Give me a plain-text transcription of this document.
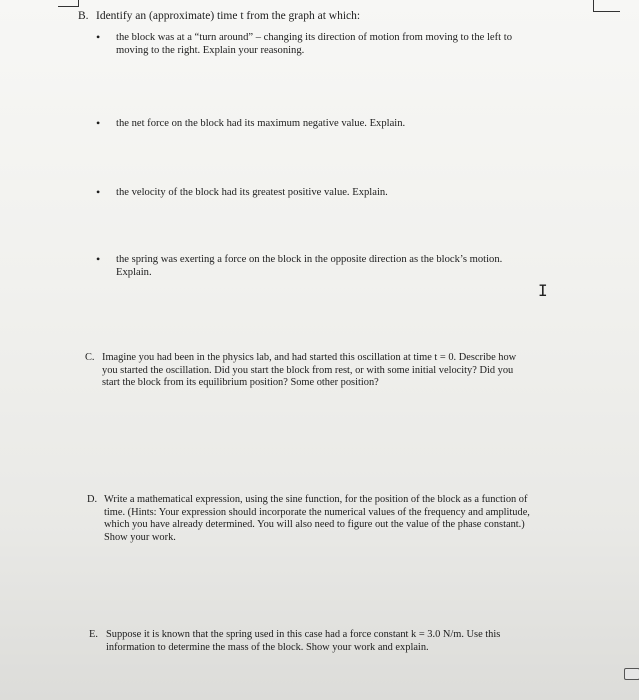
B. Identify an (approximate) time t from the graph at which:
• the block was at a “turn around” – changing its direction of motion from moving to the left to
moving to the right. Explain your reasoning.
• the net force on the block had its maximum negative value. Explain.
• the velocity of the block had its greatest positive value. Explain.
• the spring was exerting a force on the block in the opposite direction as the block’s motion.
Explain.
I
C. Imagine you had been in the physics lab, and had started this oscillation at time t = 0. Describe how
you started the oscillation. Did you start the block from rest, or with some initial velocity? Did you
start the block from its equilibrium position? Some other position?
D. Write a mathematical expression, using the sine function, for the position of the block as a function of
time. (Hints: Your expression should incorporate the numerical values of the frequency and amplitude,
which you have already determined. You will also need to figure out the value of the phase constant.)
Show your work.
E. Suppose it is known that the spring used in this case had a force constant k = 3.0 N/m. Use this
information to determine the mass of the block. Show your work and explain.
